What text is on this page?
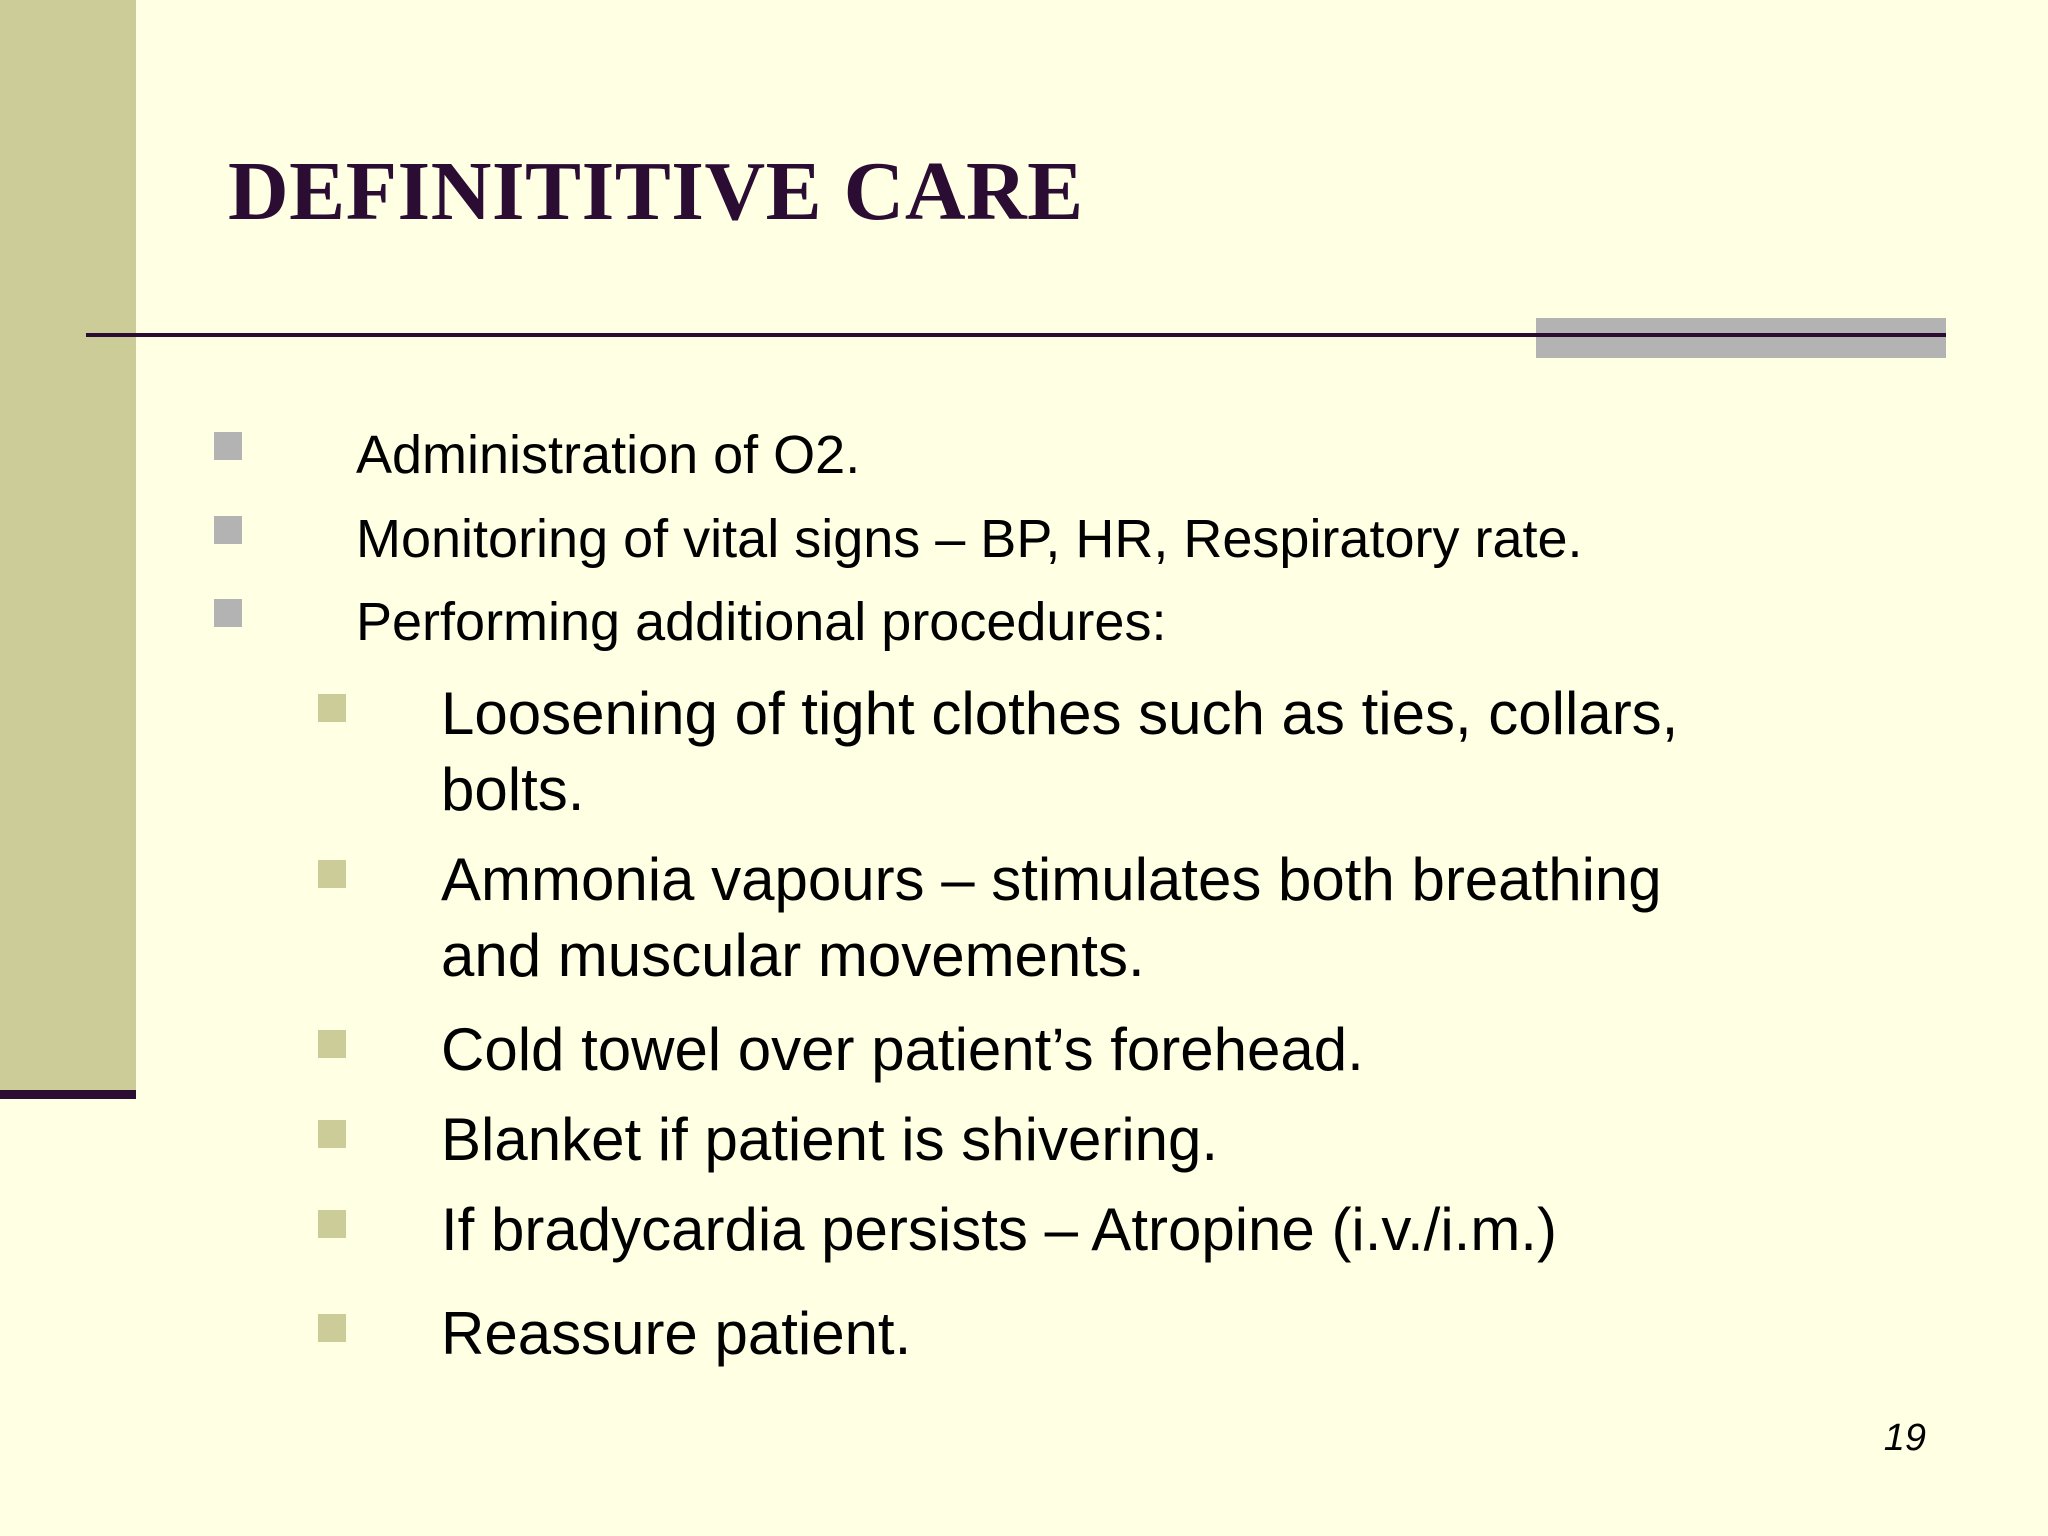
DEFINITITIVE CARE

Administration of O2.

Monitoring of vital signs – BP, HR, Respiratory rate.

Performing additional procedures:

Loosening of tight clothes such as ties, collars,

bolts.

Ammonia vapours – stimulates both breathing

and muscular movements.

Cold towel over patient’s forehead.

Blanket if patient is shivering.

If bradycardia persists – Atropine (i.v./i.m.)

Reassure patient.

19
